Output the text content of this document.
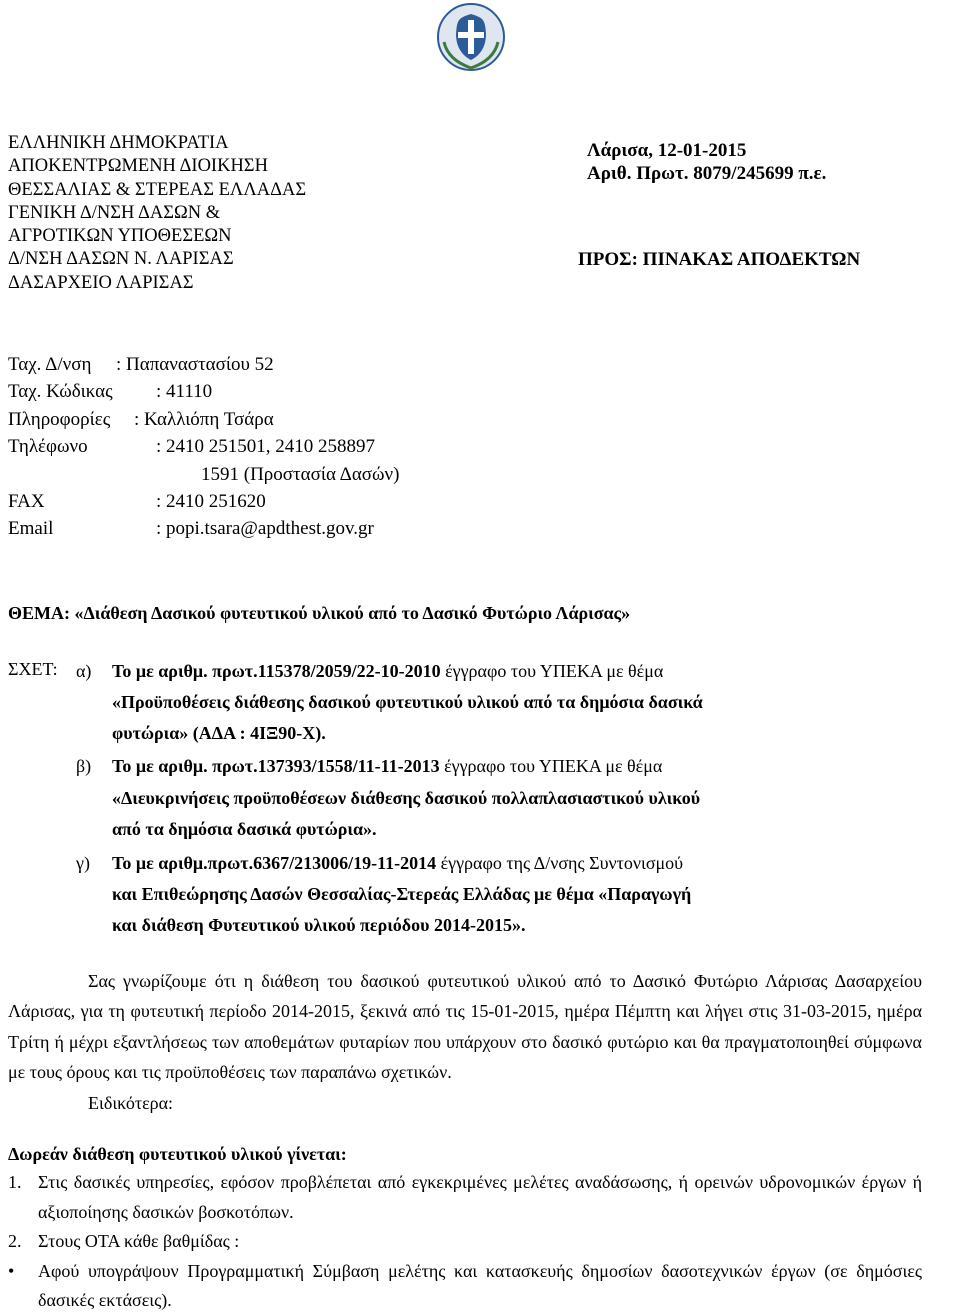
ΕΛΛΗΝΙΚΗ ΔΗΜΟΚΡΑΤΙΑ
ΑΠΟΚΕΝΤΡΩΜΕΝΗ ΔΙΟΙΚΗΣΗ
ΘΕΣΣΑΛΙΑΣ & ΣΤΕΡΕΑΣ ΕΛΛΑΔΑΣ
ΓΕΝΙΚΗ Δ/ΝΣΗ ΔΑΣΩΝ &
ΑΓΡΟΤΙΚΩΝ ΥΠΟΘΕΣΕΩΝ
Δ/ΝΣΗ ΔΑΣΩΝ Ν. ΛΑΡΙΣΑΣ
ΔΑΣΑΡΧΕΙΟ ΛΑΡΙΣΑΣ
Λάρισα, 12-01-2015
Αριθ. Πρωτ. 8079/245699 π.ε.
ΠΡΟΣ: ΠΙΝΑΚΑΣ ΑΠΟΔΕΚΤΩΝ
Ταχ. Δ/νση : Παπαναστασίου 52
Ταχ. Κώδικας : 41110
Πληροφορίες : Καλλιόπη Τσάρα
Τηλέφωνο	: 2410 251501, 2410 258897
1591 (Προστασία Δασών)
FAX	: 2410 251620
Email	: popi.tsara@apdthest.gov.gr
ΘΕΜΑ: «Διάθεση Δασικού φυτευτικού υλικού από το Δασικό Φυτώριο Λάρισας»
ΣΧΕΤ: α) Το με αριθμ. πρωτ.115378/2059/22-10-2010 έγγραφο του ΥΠΕΚΑ με θέμα
«Προϋποθέσεις διάθεσης δασικού φυτευτικού υλικού από τα δημόσια δασικά
φυτώρια» (ΑΔΑ : 4ΙΞ90-Χ).
β) Το με αριθμ. πρωτ.137393/1558/11-11-2013 έγγραφο του ΥΠΕΚΑ με θέμα
«Διευκρινήσεις προϋποθέσεων διάθεσης δασικού πολλαπλασιαστικού υλικού
από τα δημόσια δασικά φυτώρια».
γ) Το με αριθμ.πρωτ.6367/213006/19-11-2014 έγγραφο της Δ/νσης Συντονισμού
και Επιθεώρησης Δασών Θεσσαλίας-Στερεάς Ελλάδας με θέμα «Παραγωγή
και διάθεση Φυτευτικού υλικού περιόδου 2014-2015».

Σας γνωρίζουμε ότι η διάθεση του δασικού φυτευτικού υλικού από το Δασικό Φυτώριο Λάρισας Δασαρχείου Λάρισας, για τη φυτευτική περίοδο 2014-2015, ξεκινά από τις 15-01-2015, ημέρα Πέμπτη και λήγει στις 31-03-2015, ημέρα Τρίτη ή μέχρι εξαντλήσεως των αποθεμάτων φυταρίων που υπάρχουν στο δασικό φυτώριο και θα πραγματοποιηθεί σύμφωνα με τους όρους και τις προϋποθέσεις των παραπάνω σχετικών.

Ειδικότερα:

Δωρεάν διάθεση φυτευτικού υλικού γίνεται:
1. Στις δασικές υπηρεσίες, εφόσον προβλέπεται από εγκεκριμένες μελέτες αναδάσωσης, ή ορεινών υδρονομικών έργων ή αξιοποίησης δασικών βοσκοτόπων.
2. Στους ΟΤΑ κάθε βαθμίδας :
• Αφού υπογράψουν Προγραμματική Σύμβαση μελέτης και κατασκευής δημοσίων δασοτεχνικών έργων (σε δημόσιες δασικές εκτάσεις).
